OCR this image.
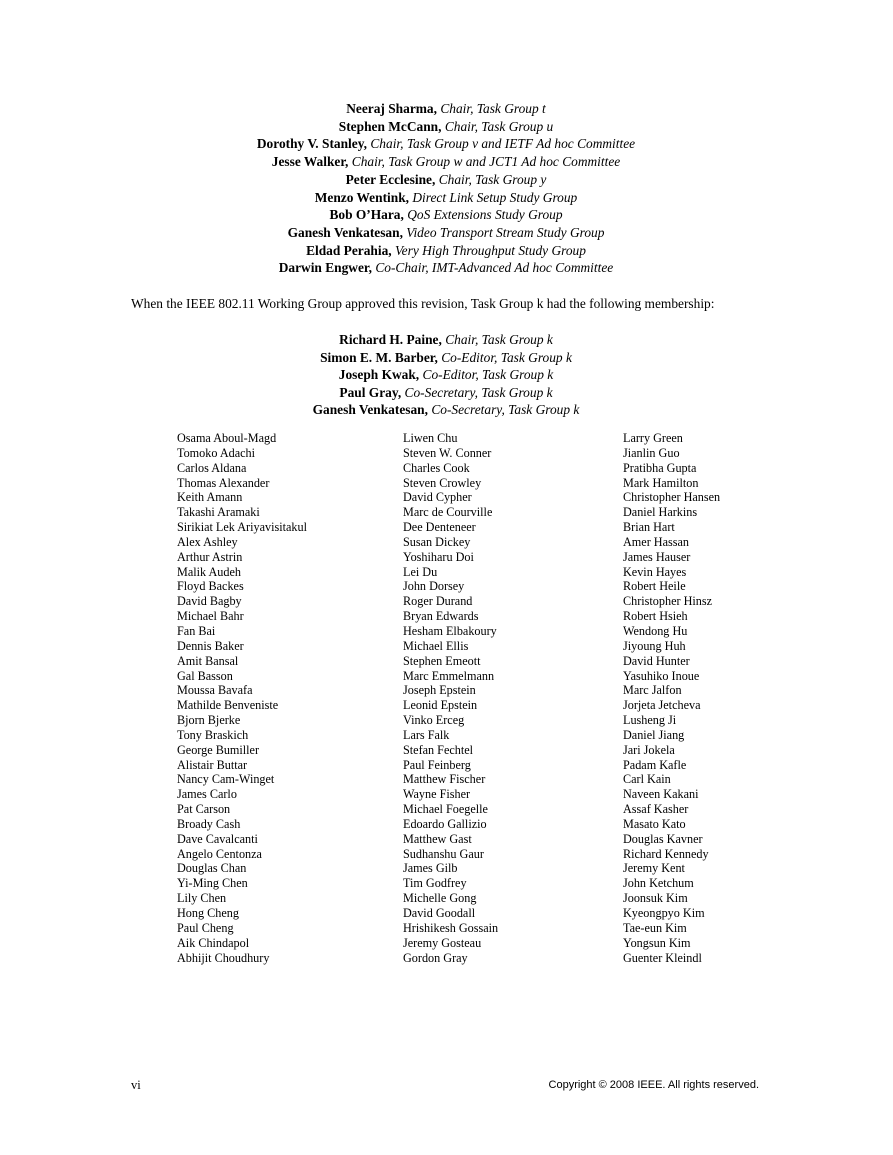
Neeraj Sharma, Chair, Task Group t
Stephen McCann, Chair, Task Group u
Dorothy V. Stanley, Chair, Task Group v and IETF Ad hoc Committee
Jesse Walker, Chair, Task Group w and JCT1 Ad hoc Committee
Peter Ecclesine, Chair, Task Group y
Menzo Wentink, Direct Link Setup Study Group
Bob O’Hara, QoS Extensions Study Group
Ganesh Venkatesan, Video Transport Stream Study Group
Eldad Perahia, Very High Throughput Study Group
Darwin Engwer, Co-Chair, IMT-Advanced Ad hoc Committee

When the IEEE 802.11 Working Group approved this revision, Task Group k had the following membership:

Richard H. Paine, Chair, Task Group k
Simon E. M. Barber, Co-Editor, Task Group k
Joseph Kwak, Co-Editor, Task Group k
Paul Gray, Co-Secretary, Task Group k
Ganesh Venkatesan, Co-Secretary, Task Group k
Osama Aboul-Magd
Tomoko Adachi
Carlos Aldana
Thomas Alexander
Keith Amann
Takashi Aramaki
Sirikiat Lek Ariyavisitakul
Alex Ashley
Arthur Astrin
Malik Audeh
Floyd Backes
David Bagby
Michael Bahr
Fan Bai
Dennis Baker
Amit Bansal
Gal Basson
Moussa Bavafa
Mathilde Benveniste
Bjorn Bjerke
Tony Braskich
George Bumiller
Alistair Buttar
Nancy Cam-Winget
James Carlo
Pat Carson
Broady Cash
Dave Cavalcanti
Angelo Centonza
Douglas Chan
Yi-Ming Chen
Lily Chen
Hong Cheng
Paul Cheng
Aik Chindapol
Abhijit Choudhury
Liwen Chu
Steven W. Conner
Charles Cook
Steven Crowley
David Cypher
Marc de Courville
Dee Denteneer
Susan Dickey
Yoshiharu Doi
Lei Du
John Dorsey
Roger Durand
Bryan Edwards
Hesham Elbakoury
Michael Ellis
Stephen Emeott
Marc Emmelmann
Joseph Epstein
Leonid Epstein
Vinko Erceg
Lars Falk
Stefan Fechtel
Paul Feinberg
Matthew Fischer
Wayne Fisher
Michael Foegelle
Edoardo Gallizio
Matthew Gast
Sudhanshu Gaur
James Gilb
Tim Godfrey
Michelle Gong
David Goodall
Hrishikesh Gossain
Jeremy Gosteau
Gordon Gray
Larry Green
Jianlin Guo
Pratibha Gupta
Mark Hamilton
Christopher Hansen
Daniel Harkins
Brian Hart
Amer Hassan
James Hauser
Kevin Hayes
Robert Heile
Christopher Hinsz
Robert Hsieh
Wendong Hu
Jiyoung Huh
David Hunter
Yasuhiko Inoue
Marc Jalfon
Jorjeta Jetcheva
Lusheng Ji
Daniel Jiang
Jari Jokela
Padam Kafle
Carl Kain
Naveen Kakani
Assaf Kasher
Masato Kato
Douglas Kavner
Richard Kennedy
Jeremy Kent
John Ketchum
Joonsuk Kim
Kyeongpyo Kim
Tae-eun Kim
Yongsun Kim
Guenter Kleindl
vi	Copyright © 2008 IEEE. All rights reserved.
